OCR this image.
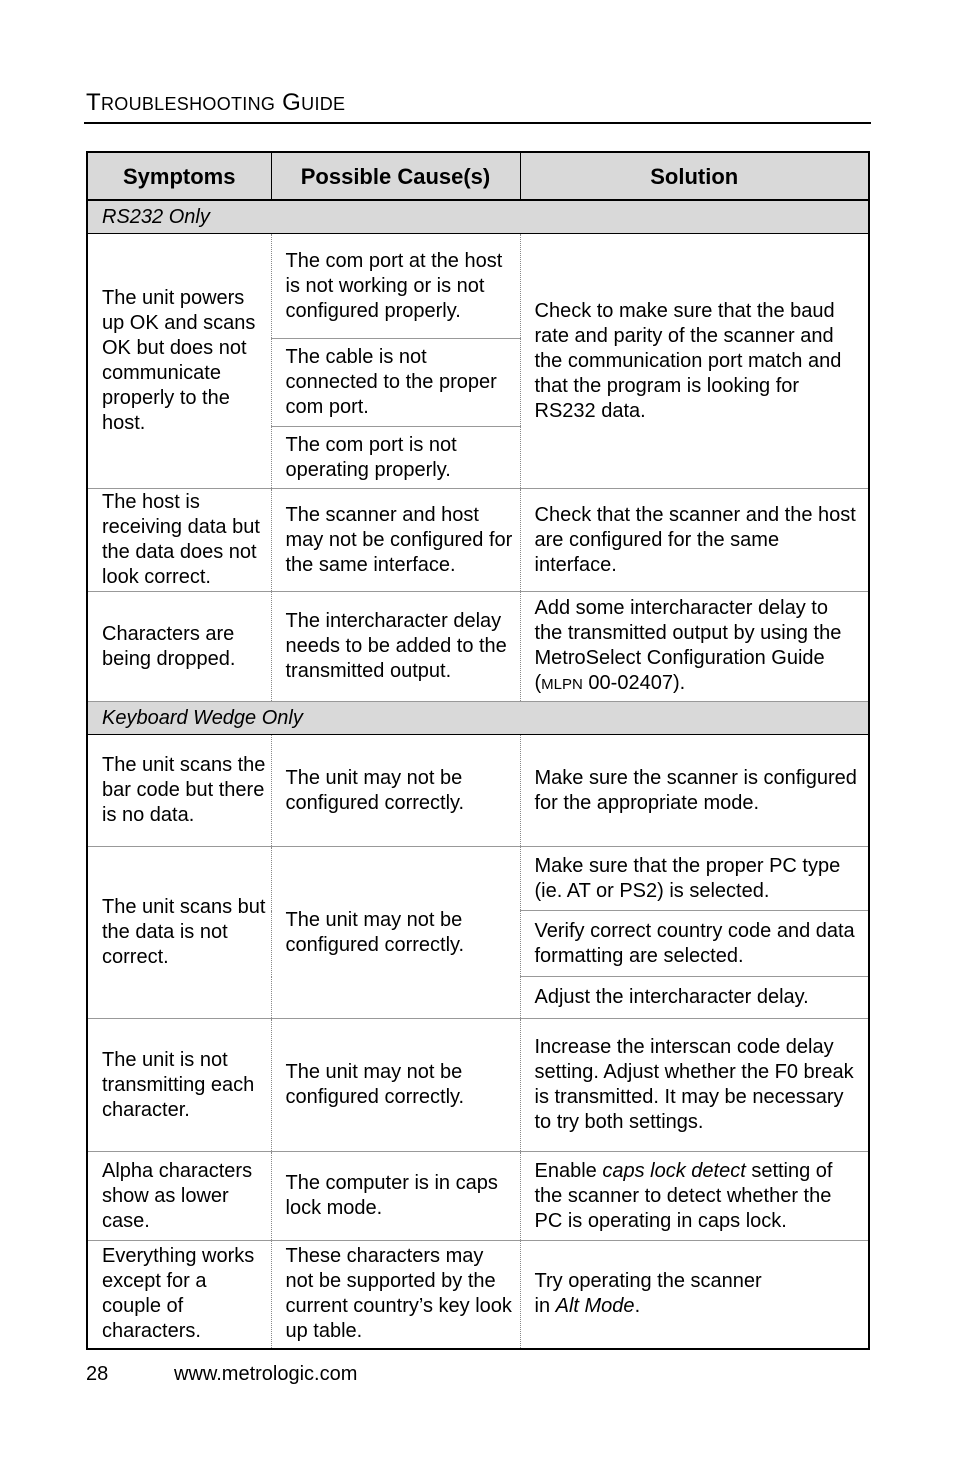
TROUBLESHOOTING GUIDE
Symptoms	Possible Cause(s)	Solution
RS232 Only		
The unit powers up OK and scans OK but does not communicate properly to the host.	The com port at the host is not working or is not configured properly.	Check to make sure that the baud rate and parity of the scanner and the communication port match and that the program is looking for RS232 data.
	The cable is not connected to the proper com port.	
	The com port is not operating properly.	
The host is receiving data but the data does not look correct.	The scanner and host may not be configured for the same interface.	Check that the scanner and the host are configured for the same interface.
Characters are being dropped.	The intercharacter delay needs to be added to the transmitted output.	Add some intercharacter delay to the transmitted output by using the MetroSelect Configuration Guide (MLPN 00-02407).
Keyboard Wedge Only		
The unit scans the bar code but there is no data.	The unit may not be configured correctly.	Make sure the scanner is configured for the appropriate mode.
The unit scans but the data is not correct.	The unit may not be configured correctly.	Make sure that the proper PC type (ie. AT or PS2) is selected.
		Verify correct country code and data formatting are selected.
		Adjust the intercharacter delay.
The unit is not transmitting each character.	The unit may not be configured correctly.	Increase the interscan code delay setting. Adjust whether the F0 break is transmitted. It may be necessary to try both settings.
Alpha characters show as lower case.	The computer is in caps lock mode.	Enable caps lock detect setting of the scanner to detect whether the PC is operating in caps lock.
Everything works except for a couple of characters.	These characters may not be supported by the current country’s key look up table.	Try operating the scanner
in Alt Mode.
28	www.metrologic.com
